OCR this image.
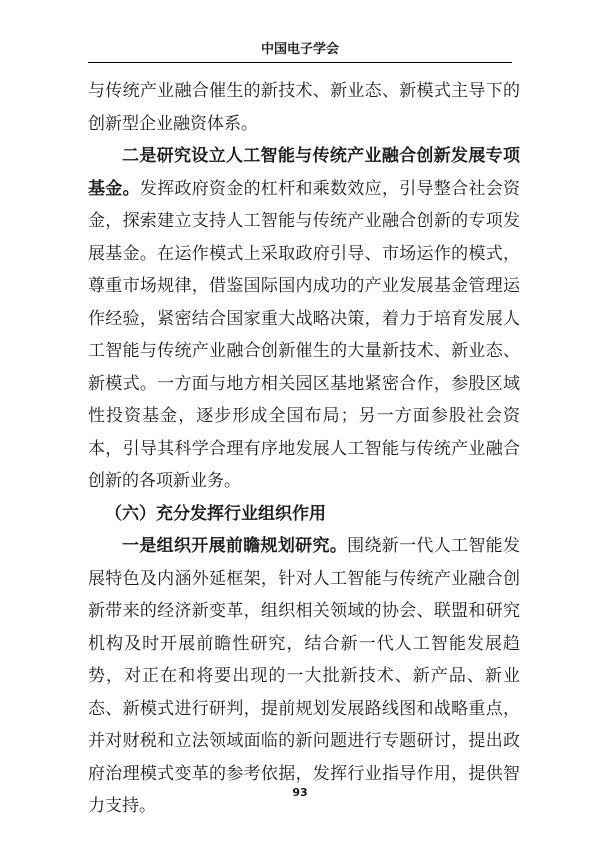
中国电子学会

与传统产业融合催生的新技术、新业态、新模式主导下的创新型企业融资体系。

二是研究设立人工智能与传统产业融合创新发展专项基金。发挥政府资金的杠杆和乘数效应，引导整合社会资金，探索建立支持人工智能与传统产业融合创新的专项发展基金。在运作模式上采取政府引导、市场运作的模式，尊重市场规律，借鉴国际国内成功的产业发展基金管理运作经验，紧密结合国家重大战略决策，着力于培育发展人工智能与传统产业融合创新催生的大量新技术、新业态、新模式。一方面与地方相关园区基地紧密合作，参股区域性投资基金，逐步形成全国布局；另一方面参股社会资本，引导其科学合理有序地发展人工智能与传统产业融合创新的各项新业务。

（六）充分发挥行业组织作用

一是组织开展前瞻规划研究。围绕新一代人工智能发展特色及内涵外延框架，针对人工智能与传统产业融合创新带来的经济新变革，组织相关领域的协会、联盟和研究机构及时开展前瞻性研究，结合新一代人工智能发展趋势，对正在和将要出现的一大批新技术、新产品、新业态、新模式进行研判，提前规划发展路线图和战略重点，并对财税和立法领域面临的新问题进行专题研讨，提出政府治理模式变革的参考依据，发挥行业指导作用，提供智力支持。

93
